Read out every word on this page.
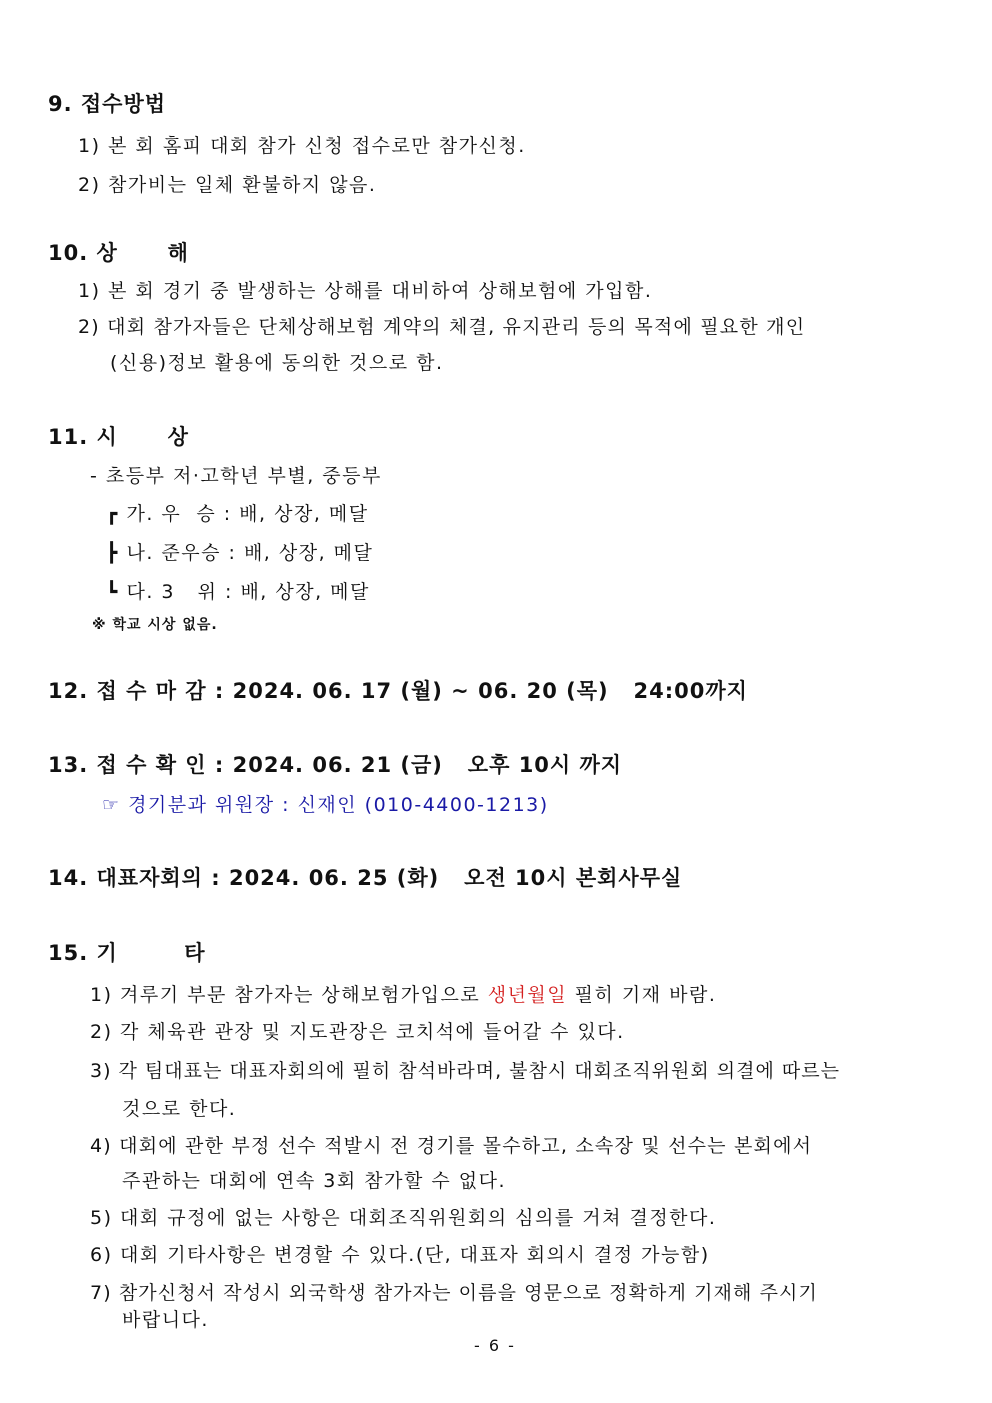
9. 접수방법
1) 본 회 홈피 대회 참가 신청 접수로만 참가신청.
2) 참가비는 일체 환불하지 않음.
10. 상      해
1) 본 회 경기 중 발생하는 상해를 대비하여 상해보험에 가입함.
2) 대회 참가자들은 단체상해보험 계약의 체결, 유지관리 등의 목적에 필요한 개인
(신용)정보 활용에 동의한 것으로 함.
11. 시      상
- 초등부 저·고학년 부별, 중등부
┏ 가. 우  승 : 배, 상장, 메달
┣ 나. 준우승 : 배, 상장, 메달
┗ 다. 3   위 : 배, 상장, 메달
※ 학교 시상 없음.
12. 접 수 마 감 : 2024. 06. 17 (월) ~ 06. 20 (목)   24:00까지
13. 접 수 확 인 : 2024. 06. 21 (금)   오후 10시 까지
☞ 경기분과 위원장 : 신재인 (010-4400-1213)
14. 대표자회의 : 2024. 06. 25 (화)   오전 10시 본회사무실
15. 기        타
1) 겨루기 부문 참가자는 상해보험가입으로 생년월일 필히 기재 바람.
2) 각 체육관 관장 및 지도관장은 코치석에 들어갈 수 있다.
3) 각 팀대표는 대표자회의에 필히 참석바라며, 불참시 대회조직위원회 의결에 따르는
것으로 한다.
4) 대회에 관한 부정 선수 적발시 전 경기를 몰수하고, 소속장 및 선수는 본회에서
주관하는 대회에 연속 3회 참가할 수 없다.
5) 대회 규정에 없는 사항은 대회조직위원회의 심의를 거쳐 결정한다.
6) 대회 기타사항은 변경할 수 있다.(단, 대표자 회의시 결정 가능함)
7) 참가신청서 작성시 외국학생 참가자는 이름을 영문으로 정확하게 기재해 주시기
바랍니다.
- 6 -
